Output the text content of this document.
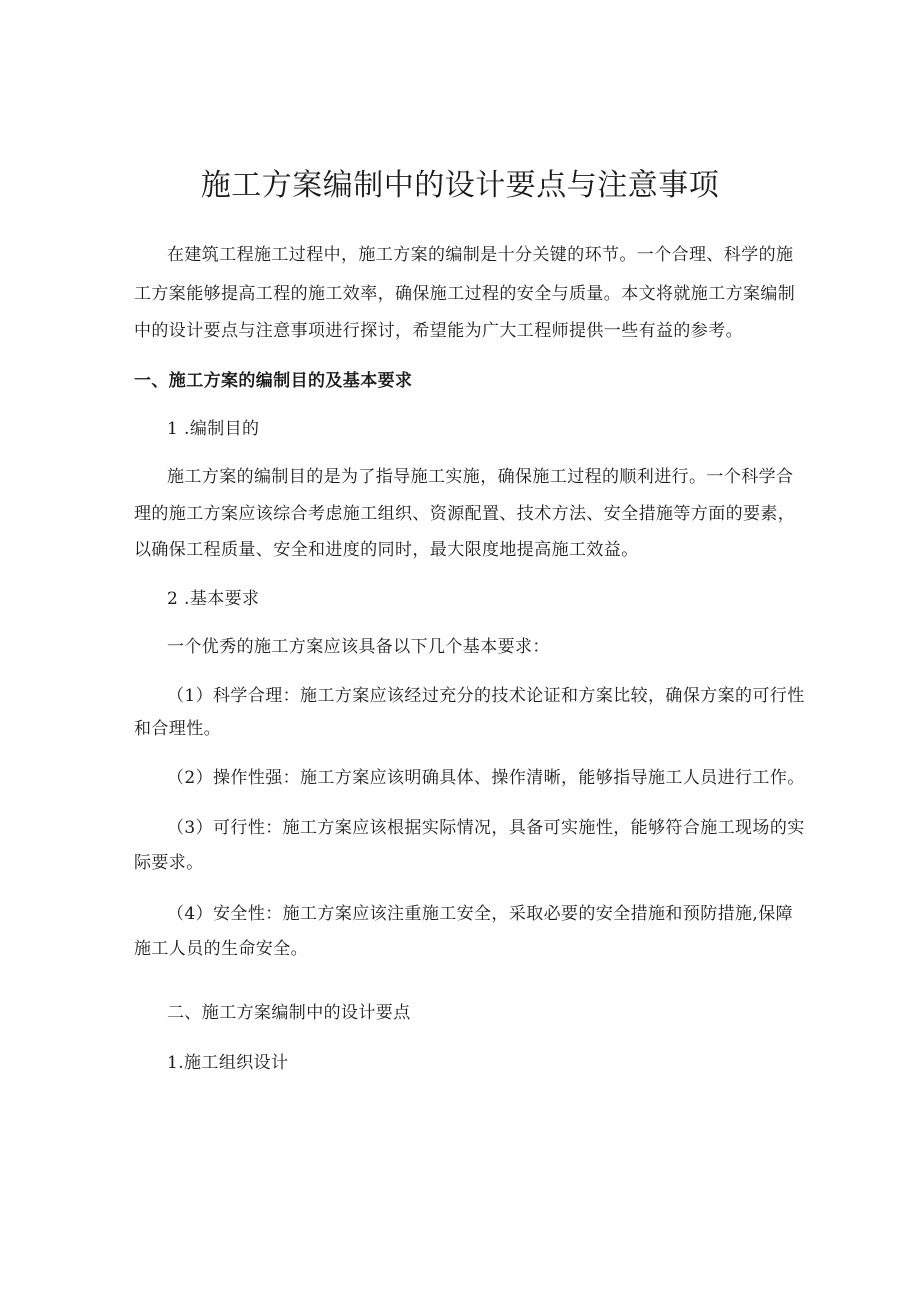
施工方案编制中的设计要点与注意事项
在建筑工程施工过程中，施工方案的编制是十分关键的环节。一个合理、科学的施
工方案能够提高工程的施工效率，确保施工过程的安全与质量。本文将就施工方案编制
中的设计要点与注意事项进行探讨，希望能为广大工程师提供一些有益的参考。
一、施工方案的编制目的及基本要求
1 .编制目的
施工方案的编制目的是为了指导施工实施，确保施工过程的顺利进行。一个科学合
理的施工方案应该综合考虑施工组织、资源配置、技术方法、安全措施等方面的要素，
以确保工程质量、安全和进度的同时，最大限度地提高施工效益。
2 .基本要求
一个优秀的施工方案应该具备以下几个基本要求：
（1）科学合理：施工方案应该经过充分的技术论证和方案比较，确保方案的可行性
和合理性。
（2）操作性强：施工方案应该明确具体、操作清晰，能够指导施工人员进行工作。
（3）可行性：施工方案应该根据实际情况，具备可实施性，能够符合施工现场的实
际要求。
（4）安全性：施工方案应该注重施工安全，采取必要的安全措施和预防措施,保障
施工人员的生命安全。
二、施工方案编制中的设计要点
1.施工组织设计
